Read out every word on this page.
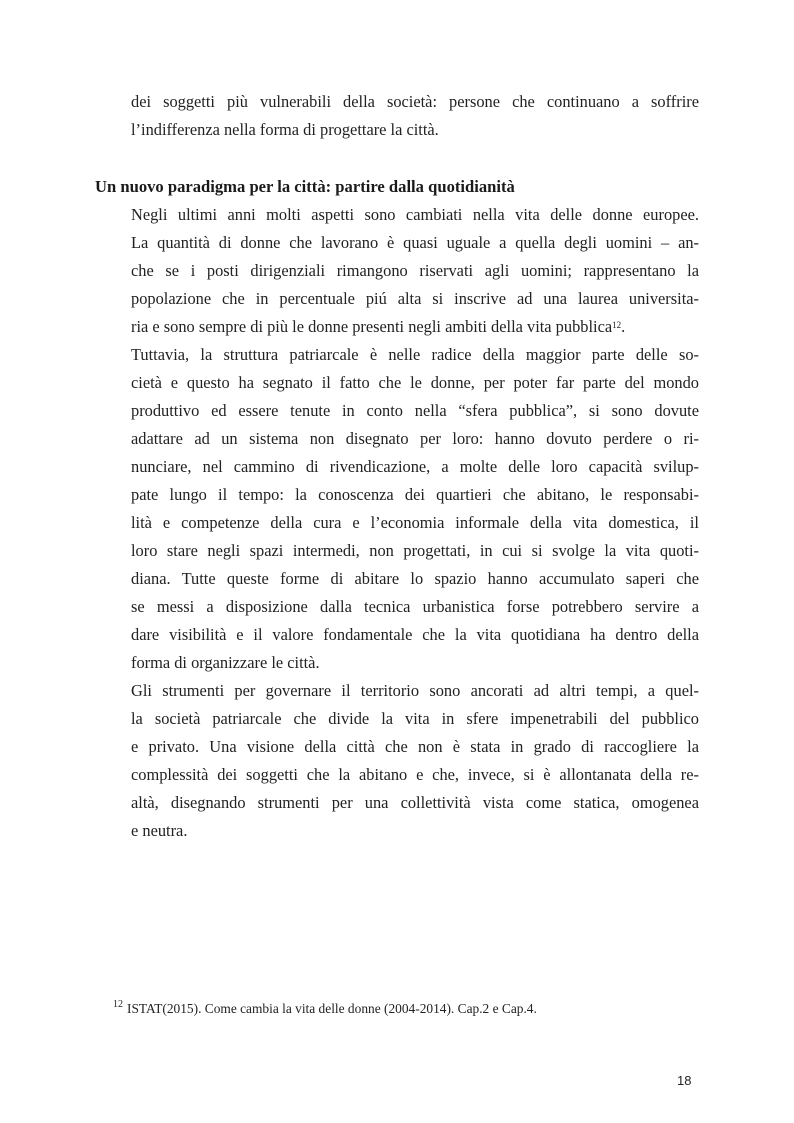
dei soggetti più vulnerabili della società: persone che continuano a soffrire
l’indifferenza nella forma di progettare la città.
Un nuovo paradigma per la città: partire dalla quotidianità
Negli ultimi anni molti aspetti sono cambiati nella vita delle donne europee.
La quantità di donne che lavorano è quasi uguale a quella degli uomini – an-
che se i posti dirigenziali rimangono riservati agli uomini; rappresentano la
popolazione che in percentuale piú alta si inscrive ad una laurea universita-
ria e sono sempre di più le donne presenti negli ambiti della vita pubblica$^{12}$.
Tuttavia, la struttura patriarcale è nelle radice della maggior parte delle so-
cietà e questo ha segnato il fatto che le donne, per poter far parte del mondo
produttivo ed essere tenute in conto nella “sfera pubblica”, si sono dovute
adattare ad un sistema non disegnato per loro: hanno dovuto perdere o ri-
nunciare, nel cammino di rivendicazione, a molte delle loro capacità svilup-
pate lungo il tempo: la conoscenza dei quartieri che abitano, le responsabi-
lità e competenze della cura e l’economia informale della vita domestica, il
loro stare negli spazi intermedi, non progettati, in cui si svolge la vita quoti-
diana. Tutte queste forme di abitare lo spazio hanno accumulato saperi che
se messi a disposizione dalla tecnica urbanistica forse potrebbero servire a
dare visibilità e il valore fondamentale che la vita quotidiana ha dentro della
forma di organizzare le città.
Gli strumenti per governare il territorio sono ancorati ad altri tempi, a quel-
la società patriarcale che divide la vita in sfere impenetrabili del pubblico
e privato. Una visione della città che non è stata in grado di raccogliere la
complessità dei soggetti che la abitano e che, invece, si è allontanata della re-
altà, disegnando strumenti per una collettività vista come statica, omogenea
e neutra.
12 ISTAT(2015). Come cambia la vita delle donne (2004-2014). Cap.2 e Cap.4.
18
